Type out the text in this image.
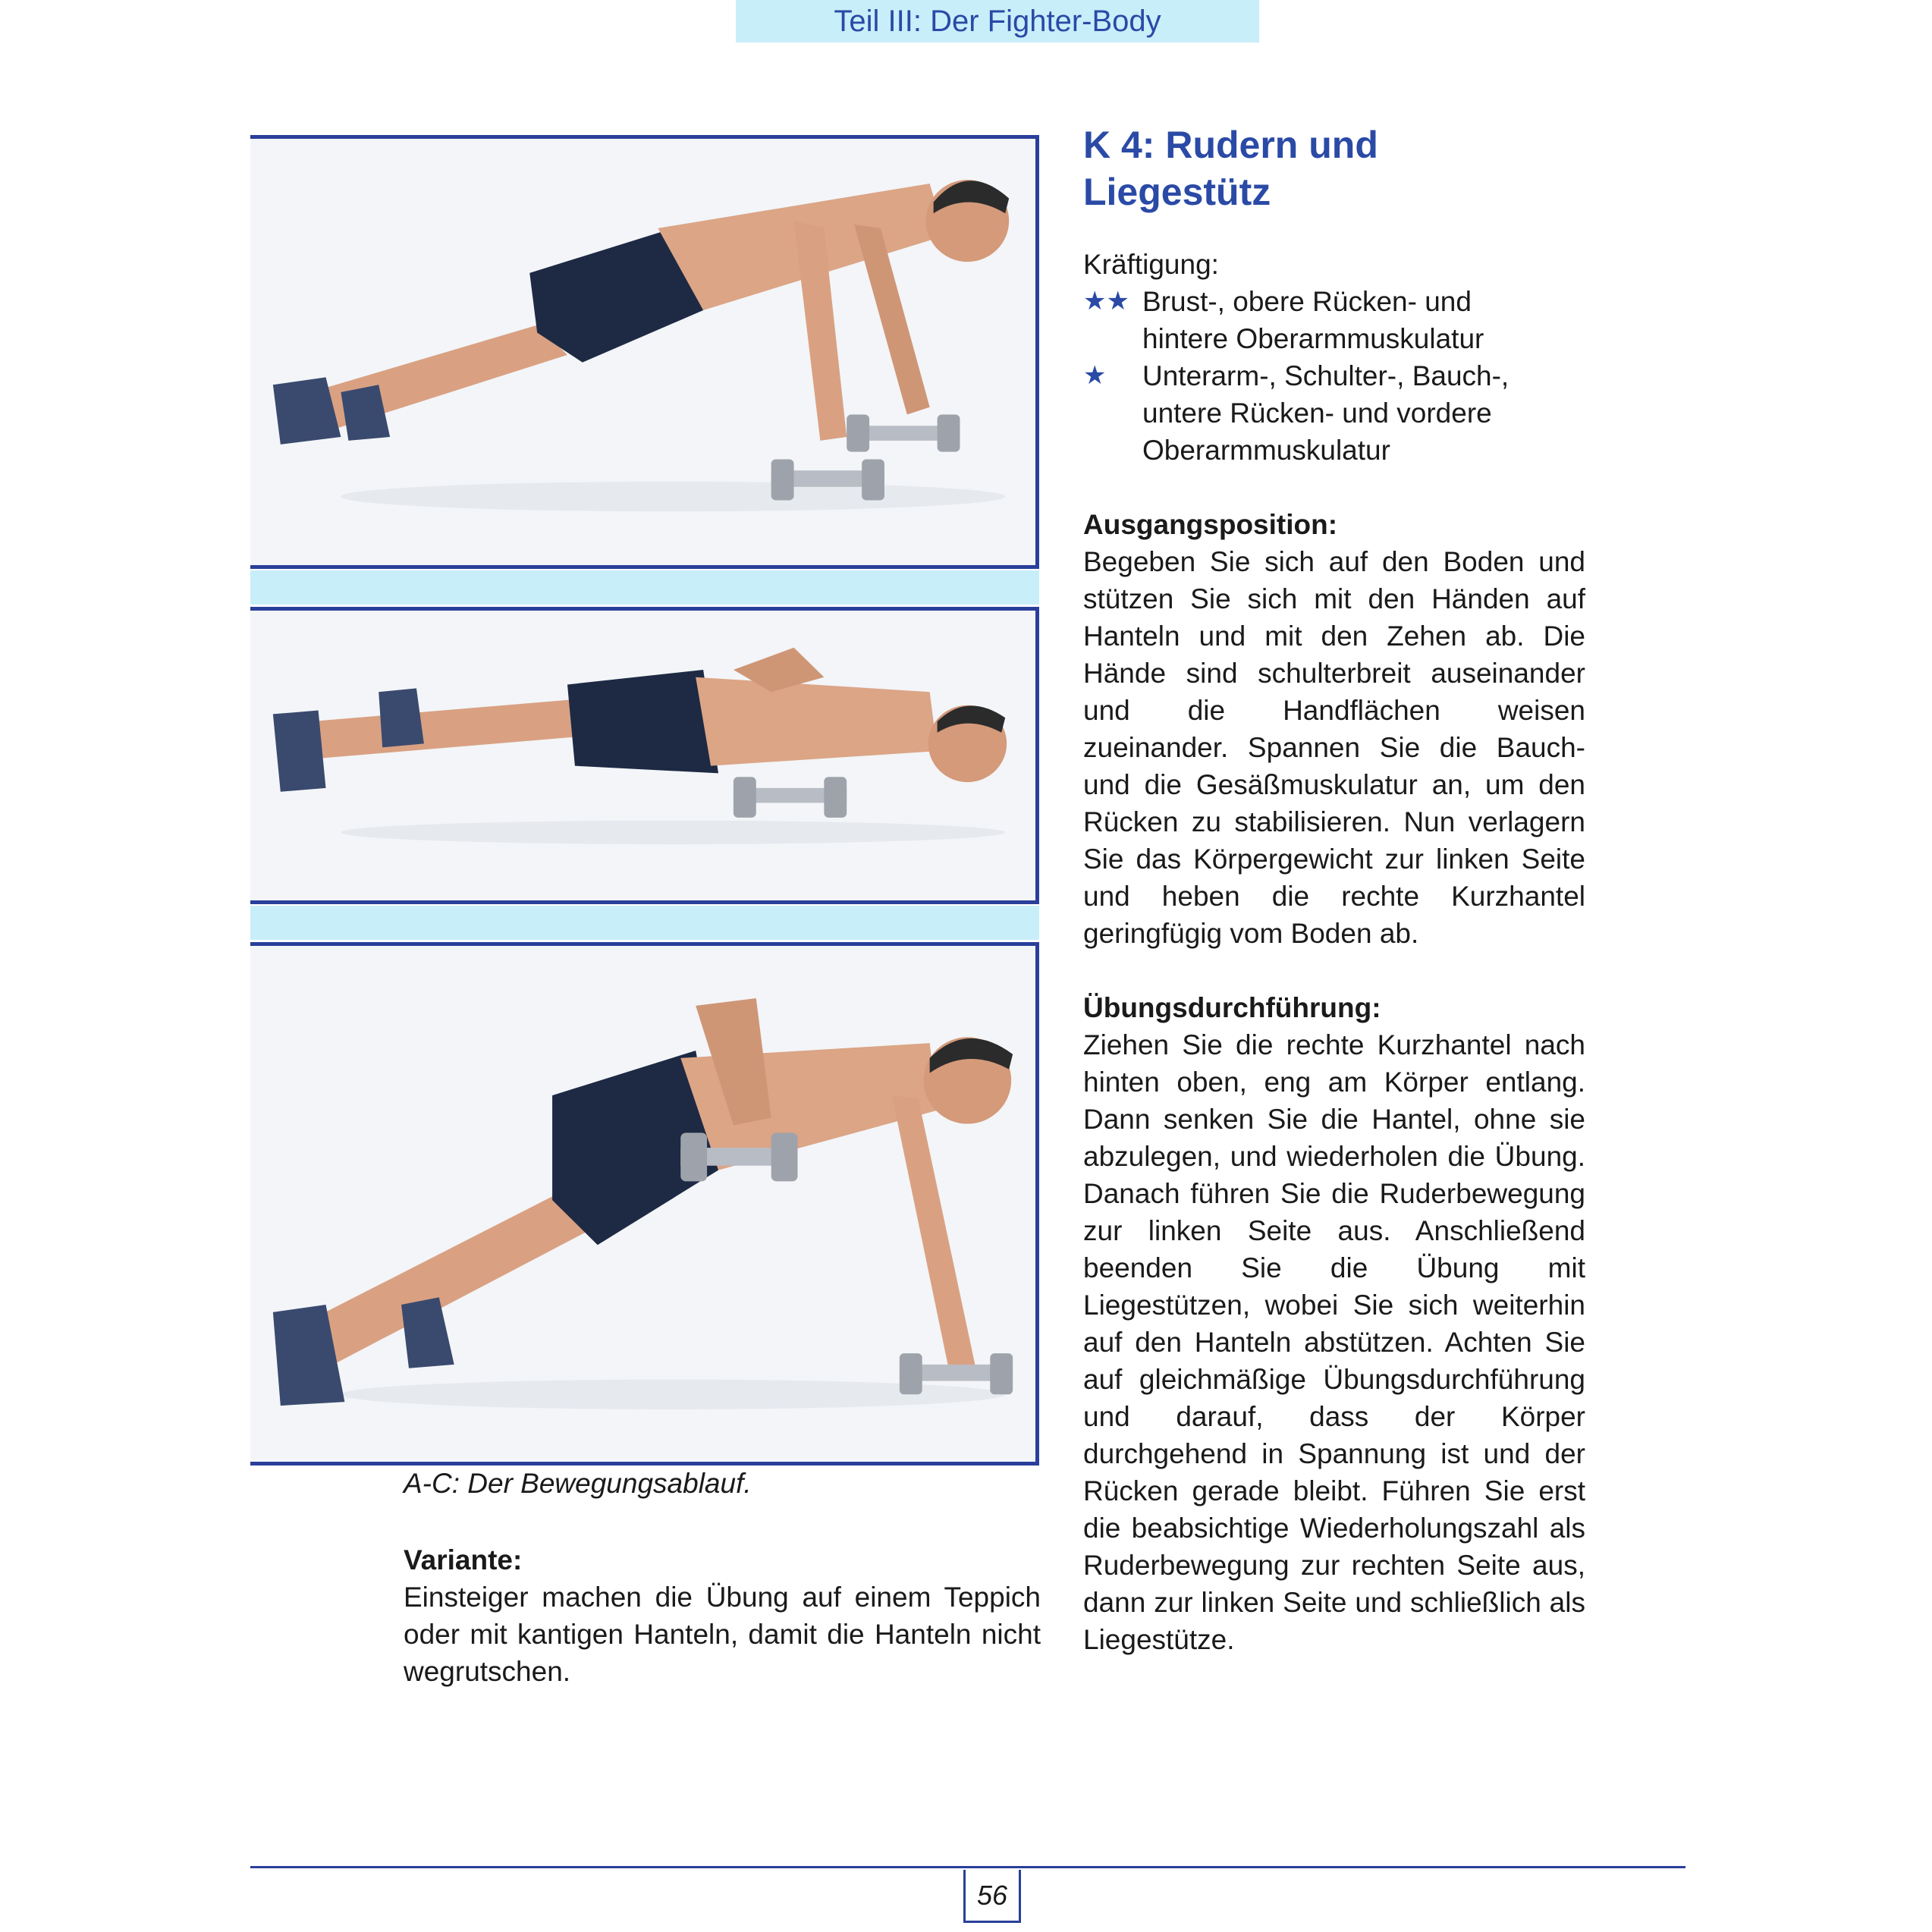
Teil III: Der Fighter-Body
A-C: Der Bewegungsablauf.
Variante:
Einsteiger machen die Übung auf einem Teppich oder mit kantigen Hanteln, damit die Hanteln nicht wegrutschen.
K 4: Rudern und
Liegestütz
Kräftigung:
★★ Brust-, obere Rücken- und
hintere Oberarmmuskulatur
★ Unterarm-, Schulter-, Bauch-,
untere Rücken- und vordere
Oberarmmuskulatur
Ausgangsposition:
Begeben Sie sich auf den Boden und stützen Sie sich mit den Händen auf Hanteln und mit den Zehen ab. Die Hände sind schulterbreit auseinander und die Handflächen weisen zueinander. Spannen Sie die Bauch- und die Gesäßmuskulatur an, um den Rücken zu stabilisieren. Nun verlagern Sie das Körpergewicht zur linken Seite und heben die rechte Kurzhantel geringfügig vom Boden ab.
Übungsdurchführung:
Ziehen Sie die rechte Kurzhantel nach hinten oben, eng am Körper entlang. Dann senken Sie die Hantel, ohne sie abzulegen, und wiederholen die Übung. Danach führen Sie die Ruderbewegung zur linken Seite aus. Anschließend beenden Sie die Übung mit Liegestützen, wobei Sie sich weiterhin auf den Hanteln abstützen. Achten Sie auf gleichmäßige Übungsdurchführung und darauf, dass der Körper durchgehend in Spannung ist und der Rücken gerade bleibt. Führen Sie erst die beabsichtige Wiederholungszahl als Ruderbewegung zur rechten Seite aus, dann zur linken Seite und schließlich als Liegestütze.
56
